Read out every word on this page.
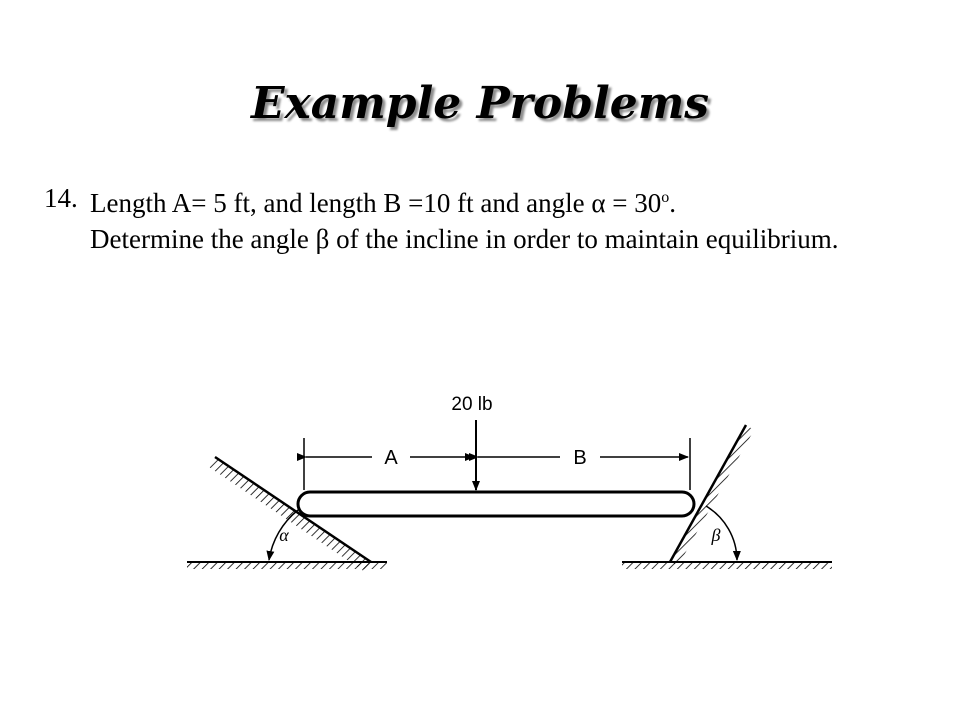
Example Problems
14. Length A= 5 ft, and length B =10 ft and angle $\alpha = 30^o$.
Determine the angle β of the incline in order to maintain equilibrium.
20 lb
A	B
α	β
